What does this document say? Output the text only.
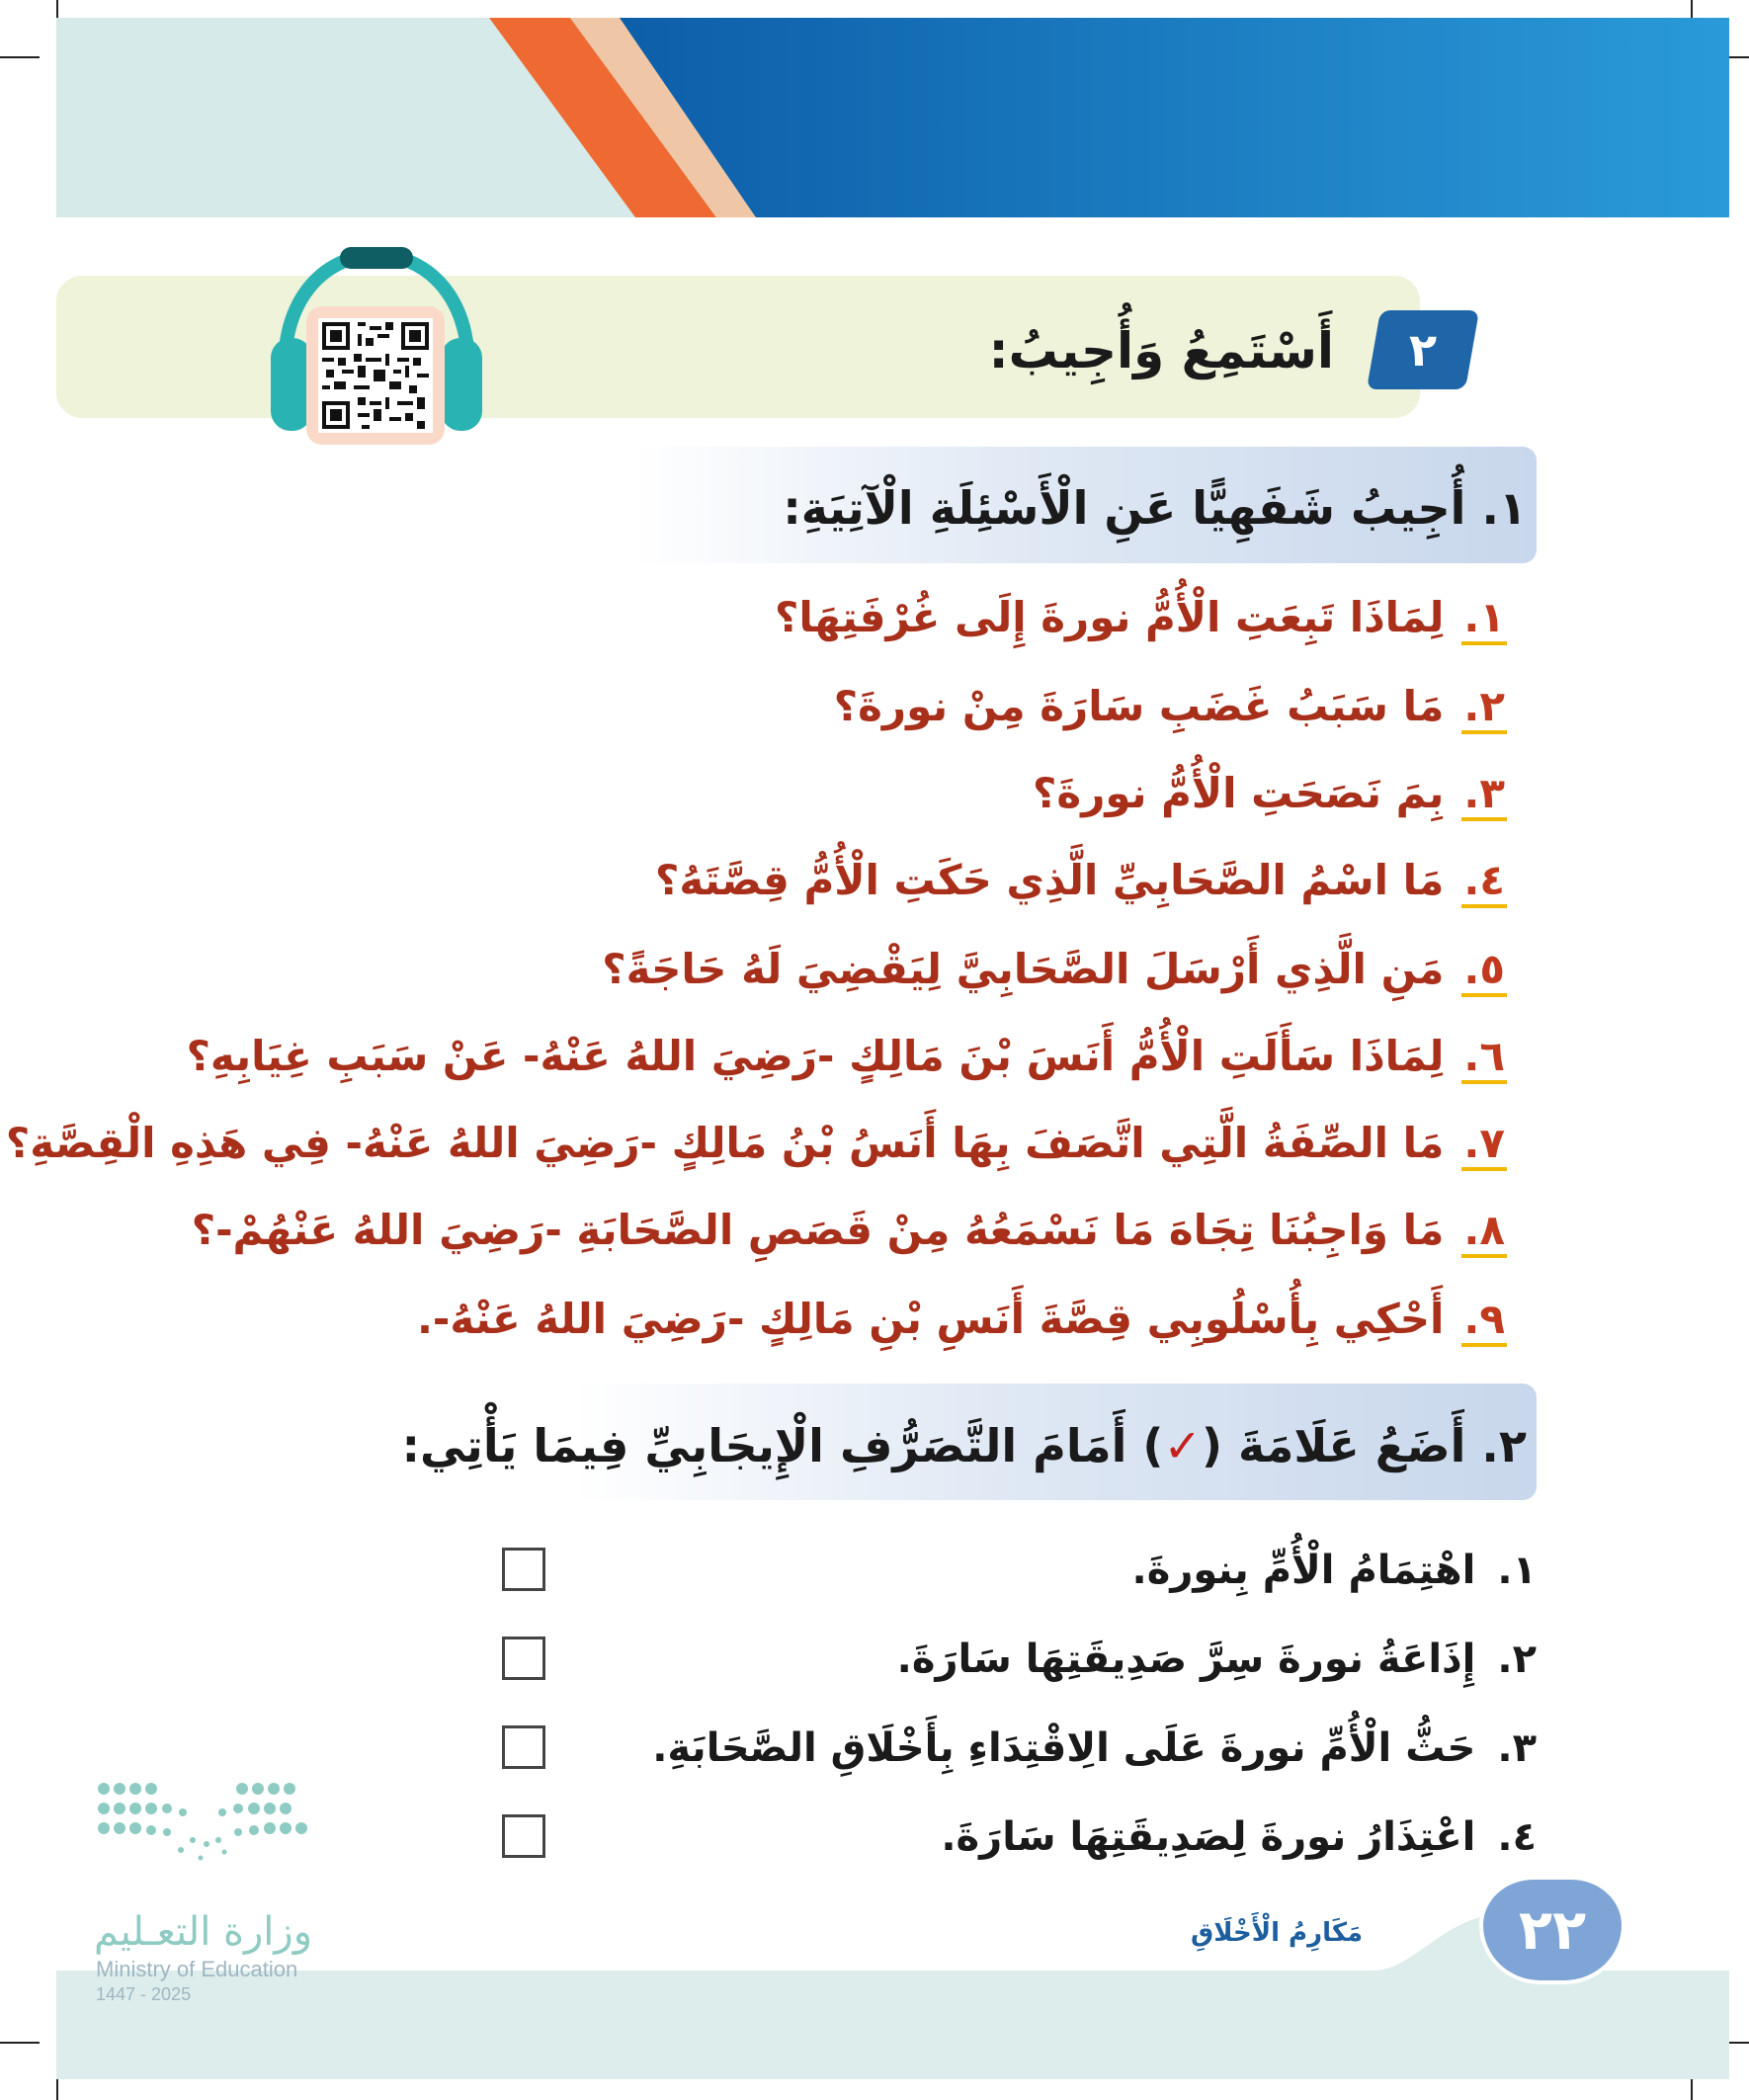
٢
أَسْتَمِعُ وَأُجِيبُ:
١. أُجِيبُ شَفَهِيًّا عَنِ الْأَسْئِلَةِ الْآتِيَةِ:
١.
لِمَاذَا تَبِعَتِ الْأُمُّ نورةَ إِلَى غُرْفَتِهَا؟
٢.
مَا سَبَبُ غَضَبِ سَارَةَ مِنْ نورةَ؟
٣.
بِمَ نَصَحَتِ الْأُمُّ نورةَ؟
٤.
مَا اسْمُ الصَّحَابِيِّ الَّذِي حَكَتِ الْأُمُّ قِصَّتَهُ؟
٥.
مَنِ الَّذِي أَرْسَلَ الصَّحَابِيَّ لِيَقْضِيَ لَهُ حَاجَةً؟
٦.
لِمَاذَا سَأَلَتِ الْأُمُّ أَنَسَ بْنَ مَالِكٍ -رَضِيَ اللهُ عَنْهُ- عَنْ سَبَبِ غِيَابِهِ؟
٧.
مَا الصِّفَةُ الَّتِي اتَّصَفَ بِهَا أَنَسُ بْنُ مَالِكٍ -رَضِيَ اللهُ عَنْهُ- فِي هَذِهِ الْقِصَّةِ؟
٨.
مَا وَاجِبُنَا تِجَاهَ مَا نَسْمَعُهُ مِنْ قَصَصِ الصَّحَابَةِ -رَضِيَ اللهُ عَنْهُمْ-؟
٩.
أَحْكِي بِأُسْلُوبِي قِصَّةَ أَنَسِ بْنِ مَالِكٍ -رَضِيَ اللهُ عَنْهُ-.
٢. أَضَعُ عَلَامَةَ (✓) أَمَامَ التَّصَرُّفِ الْإِيجَابِيِّ فِيمَا يَأْتِي:
١.
اهْتِمَامُ الْأُمِّ بِنورةَ.
٢.
إِذَاعَةُ نورةَ سِرَّ صَدِيقَتِهَا سَارَةَ.
٣.
حَثُّ الْأُمِّ نورةَ عَلَى الِاقْتِدَاءِ بِأَخْلَاقِ الصَّحَابَةِ.
٤.
اعْتِذَارُ نورةَ لِصَدِيقَتِهَا سَارَةَ.
٢٢
مَكَارِمُ الْأَخْلَاقِ
وزارة التعـليم
Ministry of Education
2025 - 1447
